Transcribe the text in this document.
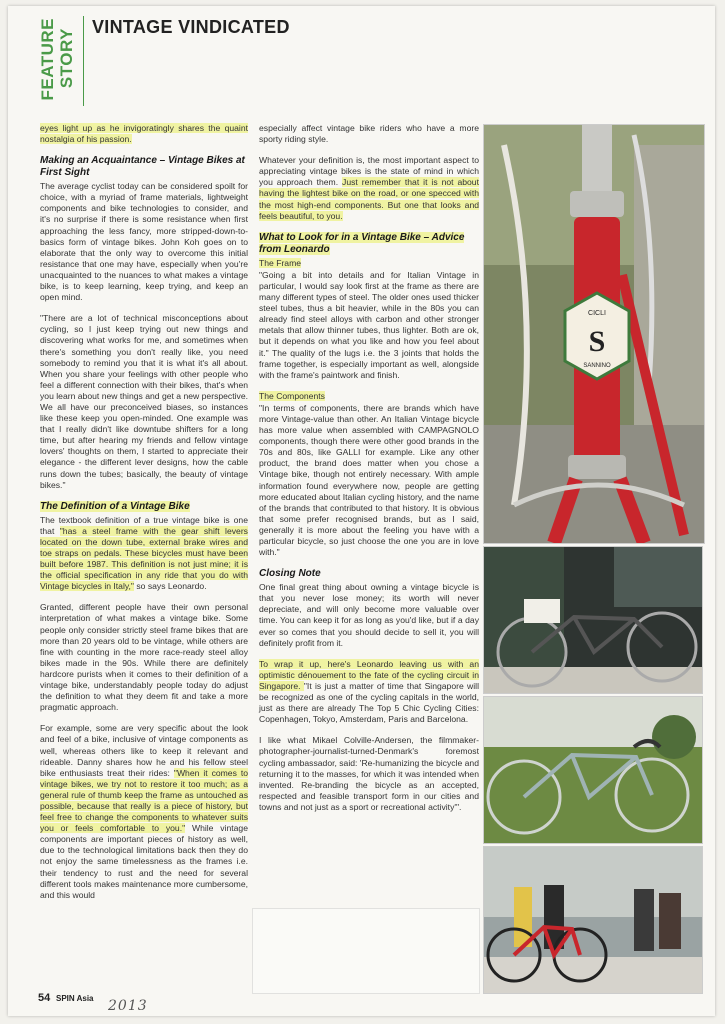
FEATURE STORY
VINTAGE VINDICATED

eyes light up as he invigoratingly shares the quaint nostalgia of his passion.

Making an Acquaintance – Vintage Bikes at First Sight

The average cyclist today can be considered spoilt for choice, with a myriad of frame materials, lightweight components and bike technologies to consider, and it's no surprise if there is some resistance when first approaching the less fancy, more stripped-down-to-basics form of vintage bikes. John Koh goes on to elaborate that the only way to overcome this initial resistance that one may have, especially when you're unacquainted to the nuances to what makes a vintage bike, is to keep learning, keep trying, and keep an open mind.

"There are a lot of technical misconceptions about cycling, so I just keep trying out new things and discovering what works for me, and sometimes when there's something you don't really like, you need somebody to remind you that it is what it's all about. When you share your feelings with other people who feel a different connection with their bikes, that's when you learn about new things and get a new perspective. We all have our preconceived biases, so instances like these keep you open-minded. One example was that I really didn't like downtube shifters for a long time, but after hearing my friends and fellow vintage lovers' thoughts on them, I started to appreciate their elegance - the different lever designs, how the cable runs down the tubes; basically, the beauty of vintage bikes."

The Definition of a Vintage Bike

The textbook definition of a true vintage bike is one that "has a steel frame with the gear shift levers located on the down tube, external brake wires and toe straps on pedals. These bicycles must have been built before 1987. This definition is not just mine; it is the official specification in any ride that you do with Vintage bicycles in Italy," so says Leonardo.

Granted, different people have their own personal interpretation of what makes a vintage bike. Some people only consider strictly steel frame bikes that are more than 20 years old to be vintage, while others are fine with counting in the more race-ready steel alloy bikes made in the 90s. While there are definitely hardcore purists when it comes to their definition of a vintage bike, understandably people today do adjust the definition to what they deem fit and take a more pragmatic approach.

For example, some are very specific about the look and feel of a bike, inclusive of vintage components as well, whereas others like to keep it relevant and rideable. Danny shares how he and his fellow steel bike enthusiasts treat their rides: "When it comes to vintage bikes, we try not to restore it too much; as a general rule of thumb keep the frame as untouched as possible, because that really is a piece of history, but feel free to change the components to whatever suits you or feels comfortable to you." While vintage components are important pieces of history as well, due to the technological limitations back then they do not enjoy the same timelessness as the frames i.e. their tendency to rust and the need for several different tools makes maintenance more cumbersome, and this would

especially affect vintage bike riders who have a more sporty riding style.

Whatever your definition is, the most important aspect to appreciating vintage bikes is the state of mind in which you approach them. Just remember that it is not about having the lightest bike on the road, or one specced with the most high-end components. But one that looks and feels beautiful, to you.

What to Look for in a Vintage Bike – Advice from Leonardo
The Frame

"Going a bit into details and for Italian Vintage in particular, I would say look first at the frame as there are many different types of steel. The older ones used thicker steel tubes, thus a bit heavier, while in the 80s you can already find steel alloys with carbon and other stronger metals that allow thinner tubes, thus lighter. Both are ok, but it depends on what you like and how you feel about it." The quality of the lugs i.e. the 3 joints that holds the frame together, is especially important as well, alongside with the frame's paintwork and finish.

The Components

"In terms of components, there are brands which have more Vintage-value than other. An Italian Vintage bicycle has more value when assembled with CAMPAGNOLO components, though there were other good brands in the 70s and 80s, like GALLI for example. Like any other product, the brand does matter when you chose a Vintage bike, though not entirely necessary. With ample information found everywhere now, people are getting more educated about Italian cycling history, and the name of the brands that contributed to that history. It is obvious that some prefer recognised brands, but as I said, generally it is more about the feeling you have with a particular bicycle, so just choose the one you are in love with."

Closing Note

One final great thing about owning a vintage bicycle is that you never lose money; its worth will never depreciate, and will only become more valuable over time. You can keep it for as long as you'd like, but if a day ever so comes that you should decide to sell it, you will definitely profit from it.

To wrap it up, here's Leonardo leaving us with an optimistic dénouement to the fate of the cycling circuit in Singapore. "It is just a matter of time that Singapore will be recognized as one of the cycling capitals in the world, just as there are already The Top 5 Chic Cycling Cities: Copenhagen, Tokyo, Amsterdam, Paris and Barcelona.

I like what Mikael Colville-Andersen, the filmmaker-photographer-journalist-turned-Denmark's foremost cycling ambassador, said: 'Re-humanizing the bicycle and returning it to the masses, for which it was intended when invented. Re-branding the bicycle as an accepted, respected and feasible transport form in our cities and towns and not just as a sport or recreational activity'".

CICLI
S
SANNINO
54 SPIN Asia 2013
